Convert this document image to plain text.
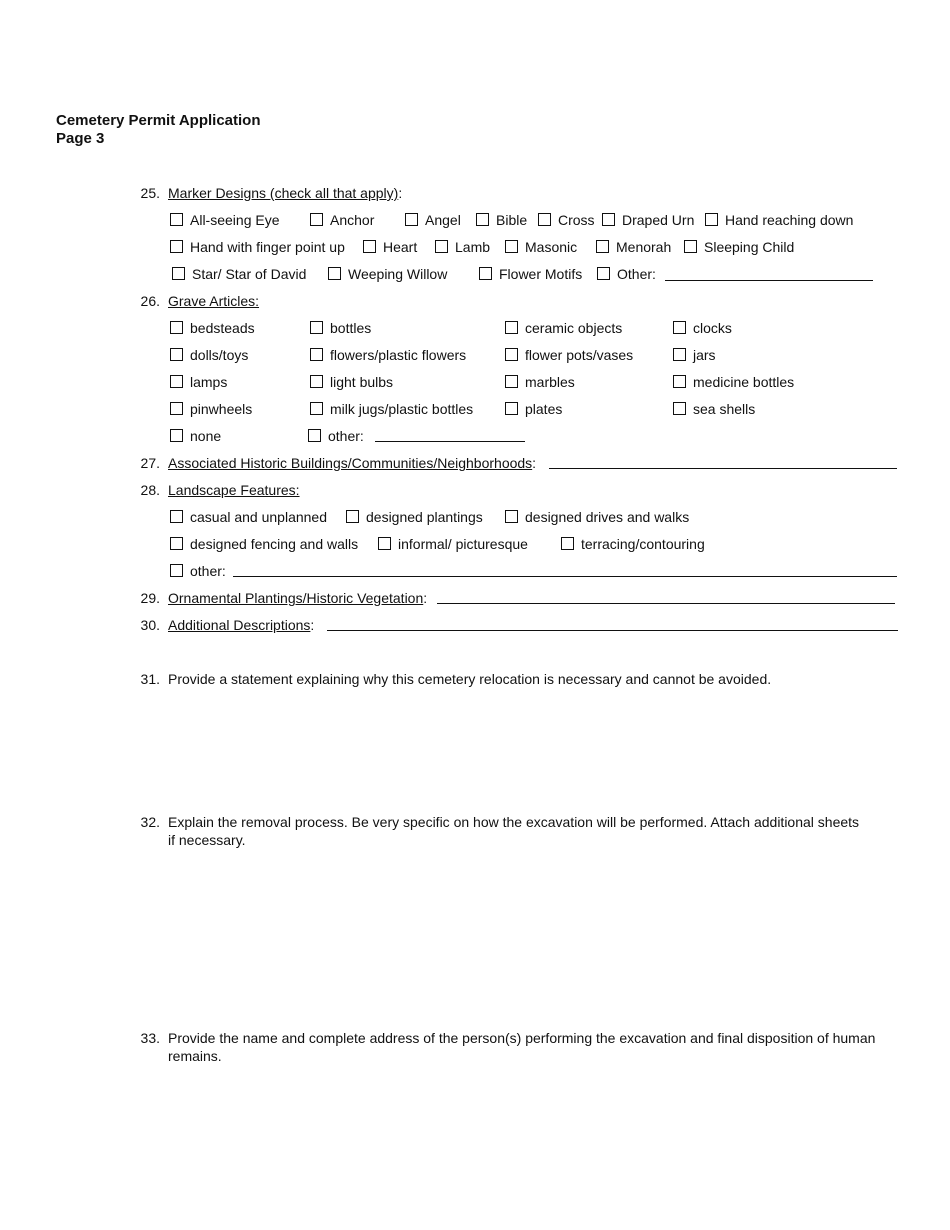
Cemetery Permit Application
Page 3
25. Marker Designs (check all that apply):
All-seeing Eye	Anchor	Angel	Bible Cross Draped Urn Hand reaching down
Hand with finger point up	Heart	Lamb Masonic	Menorah Sleeping Child
Star/ Star of David	Weeping Willow	Flower Motifs Other:
26. Grave Articles:
bedsteads	bottles	ceramic objects	clocks
dolls/toys	flowers/plastic flowers	flower pots/vases	jars
lamps	light bulbs	marbles	medicine bottles
pinwheels	milk jugs/plastic bottles	plates	sea shells
none	other:
27. Associated Historic Buildings/Communities/Neighborhoods:
28. Landscape Features:
casual and unplanned	designed plantings	designed drives and walks
designed fencing and walls	informal/ picturesque	terracing/contouring
other:
29. Ornamental Plantings/Historic Vegetation:
30. Additional Descriptions:
31. Provide a statement explaining why this cemetery relocation is necessary and cannot be avoided.
32. Explain the removal process. Be very specific on how the excavation will be performed. Attach additional sheets
if necessary.
33. Provide the name and complete address of the person(s) performing the excavation and final disposition of human
remains.
